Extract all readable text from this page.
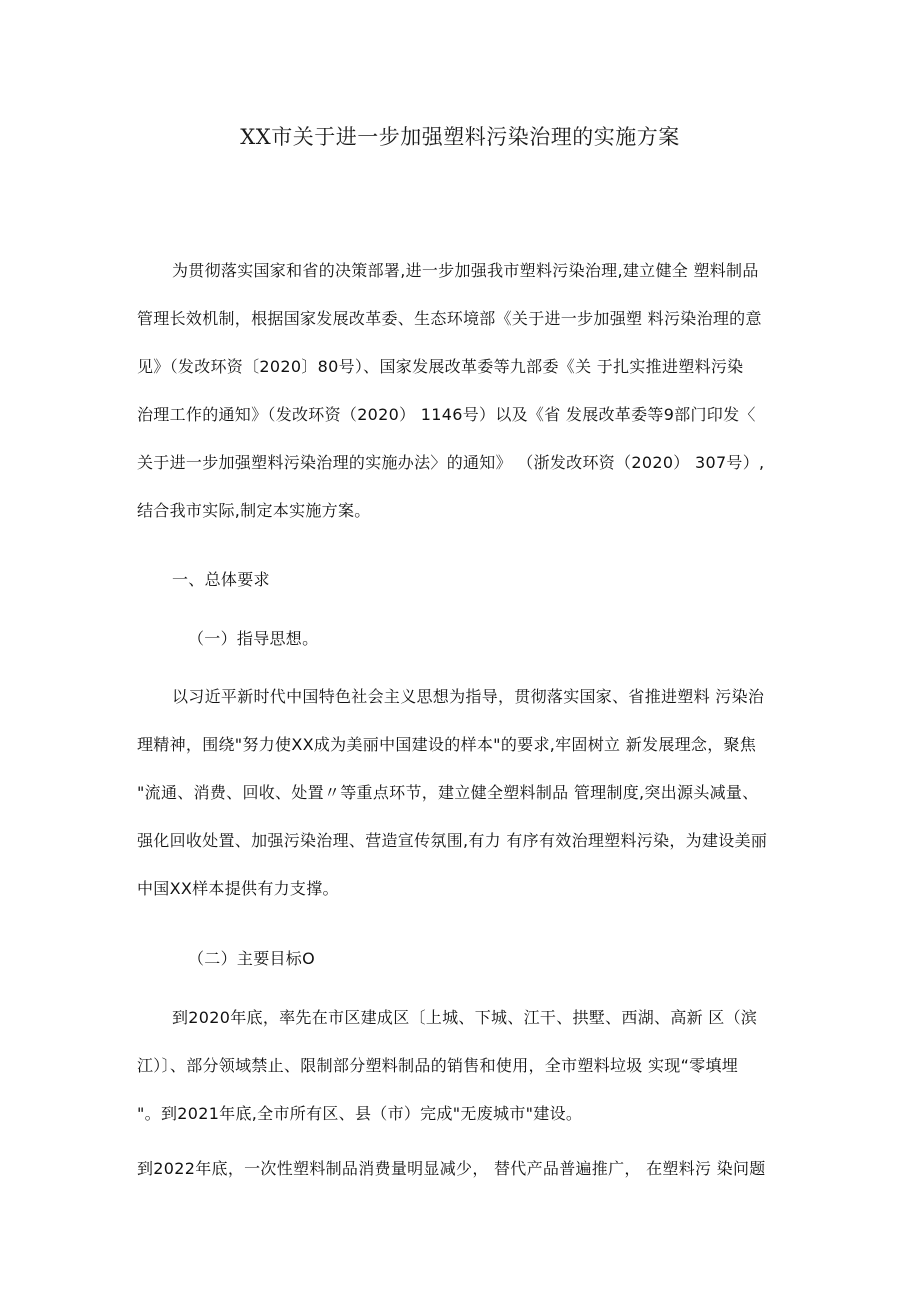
XX市关于进一步加强塑料污染治理的实施方案
为贯彻落实国家和省的决策部署,进一步加强我市塑料污染治理,建立健全 塑料制品
管理长效机制，根据国家发展改革委、生态环境部《关于进一步加强塑 料污染治理的意
见》（发改环资〔2020〕80号）、国家发展改革委等九部委《关 于扎实推进塑料污染
治理工作的通知》（发改环资（2020） 1146号）以及《省 发展改革委等9部门印发〈
关于进一步加强塑料污染治理的实施办法〉的通知》 （浙发改环资（2020） 307号）,
结合我市实际,制定本实施方案。
一、总体要求
（一）指导思想。
以习近平新时代中国特色社会主义思想为指导，贯彻落实国家、省推进塑料 污染治
理精神，围绕"努力使XX成为美丽中国建设的样本"的要求,牢固树立 新发展理念，聚焦
"流通、消费、回收、处置〃等重点环节，建立健全塑料制品 管理制度,突出源头减量、
强化回收处置、加强污染治理、营造宣传氛围,有力 有序有效治理塑料污染，为建设美丽
中国XX样本提供有力支撑。
（二）主要目标O
到2020年底，率先在市区建成区〔上城、下城、江干、拱墅、西湖、高新 区（滨
江）〕、部分领域禁止、限制部分塑料制品的销售和使用，全市塑料垃圾 实现“零填埋
"。到2021年底,全市所有区、县（市）完成"无废城市"建设。
到2022年底，一次性塑料制品消费量明显减少， 替代产品普遍推广， 在塑料污 染问题
